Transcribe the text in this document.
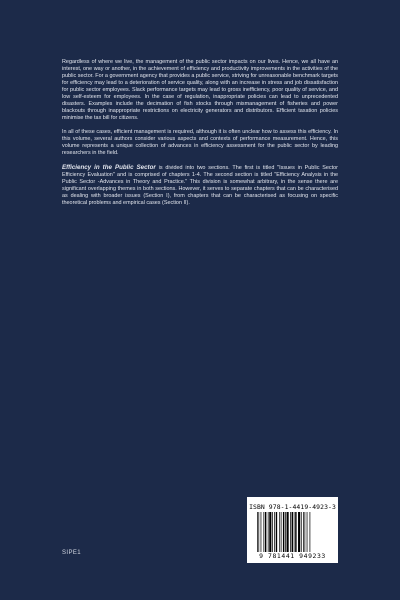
Regardless of where we live, the management of the public sector impacts on our lives. Hence, we all have an interest, one way or another, in the achievement of efficiency and productivity improvements in the activities of the public sector. For a government agency that provides a public service, striving for unreasonable benchmark targets for efficiency may lead to a deterioration of service quality, along with an increase in stress and job dissatisfaction for public sector employees. Slack performance targets may lead to gross inefficiency, poor quality of service, and low self-esteem for employees. In the case of regulation, inappropriate policies can lead to unprecedented disasters. Examples include the decimation of fish stocks through mismanagement of fisheries and power blackouts through inappropriate restrictions on electricity generators and distributors. Efficient taxation policies minimise the tax bill for citizens.

In all of these cases, efficient management is required, although it is often unclear how to assess this efficiency. In this volume, several authors consider various aspects and contexts of performance measurement. Hence, this volume represents a unique collection of advances in efficiency assessment for the public sector by leading researchers in the field.

Efficiency in the Public Sector is divided into two sections. The first is titled "Issues in Public Sector Efficiency Evaluation" and is comprised of chapters 1-4. The second section is titled "Efficiency Analysis in the Public Sector -Advances in Theory and Practice." This division is somewhat arbitrary, in the sense there are significant overlapping themes in both sections. However, it serves to separate chapters that can be characterised as dealing with broader issues (Section I), from chapters that can be characterised as focusing on specific theoretical problems and empirical cases (Section II).

ISBN 978-1-4419-4923-3
9 781441 949233
SIPE1
